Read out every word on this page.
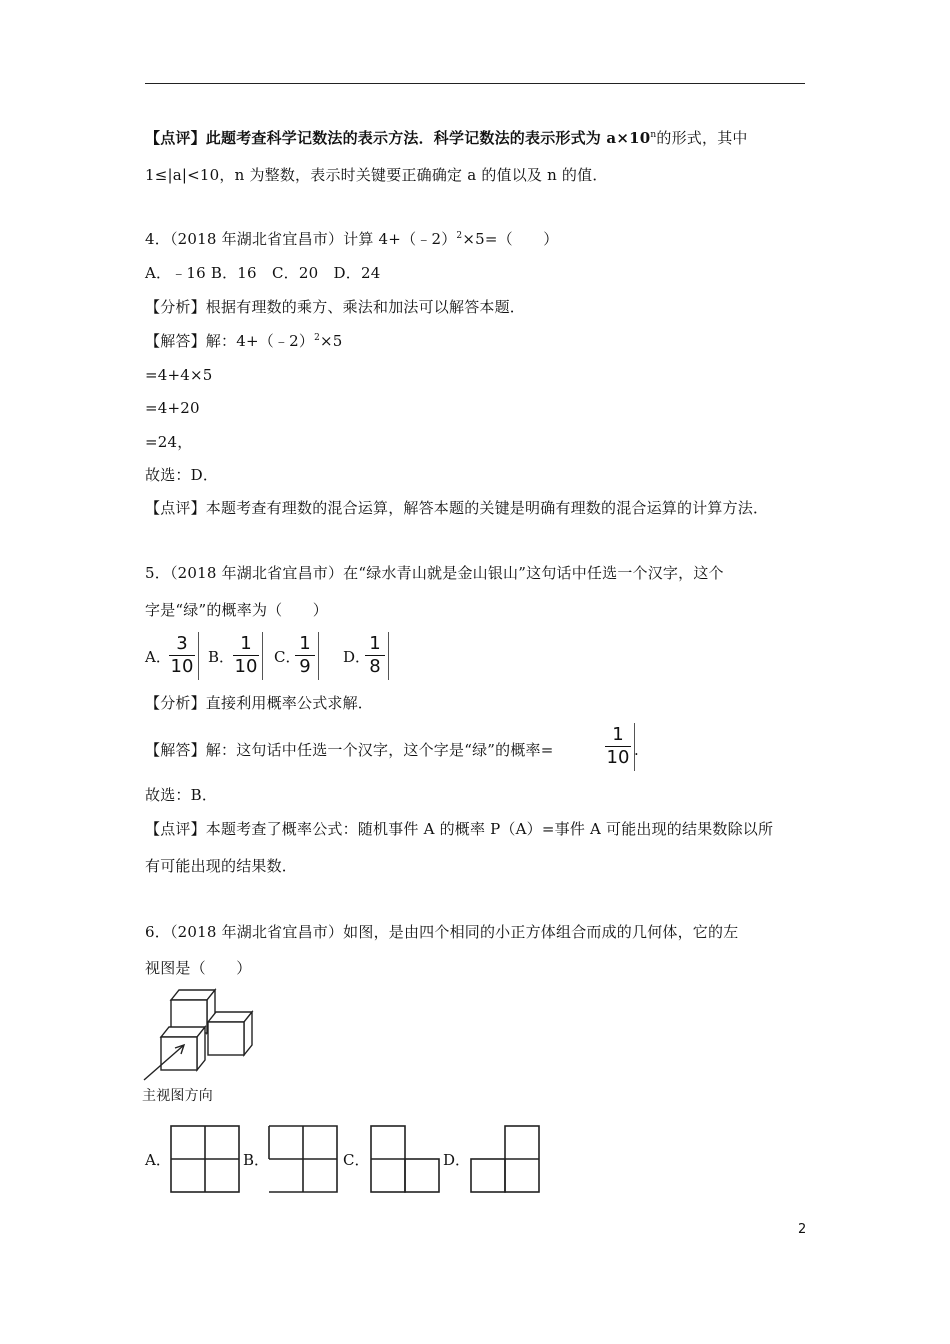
【点评】此题考查科学记数法的表示方法．科学记数法的表示形式为 $a\times 10^n$的形式，其中
1≤|a|<10，n 为整数，表示时关键要正确确定 a 的值以及 n 的值．
4．（2018 年湖北省宜昌市）计算 4+（﹣2）$^2$×5=（　　）
A．﹣16 B．16　C．20　D．24
【分析】根据有理数的乘方、乘法和加法可以解答本题．
【解答】解：4+（﹣2）$^2$×5
=4+4×5
=4+20
=24，
故选：D．
【点评】本题考查有理数的混合运算，解答本题的关键是明确有理数的混合运算的计算方法．
5．（2018 年湖北省宜昌市）在“绿水青山就是金山银山”这句话中任选一个汉字，这个
字是“绿”的概率为（　　）
A．
3
10 B．
1
10 C．
1
9	D．
1
8
【分析】直接利用概率公式求解．
【解答】解：这句话中任选一个汉字，这个字是“绿”的概率=
1
10 .
故选：B．
【点评】本题考查了概率公式：随机事件 A 的概率 P（A）=事件 A 可能出现的结果数除以所
有可能出现的结果数．
6．（2018 年湖北省宜昌市）如图，是由四个相同的小正方体组合而成的几何体，它的左
视图是（　　）
主视图方向
A．	B．	C．	D．
2
